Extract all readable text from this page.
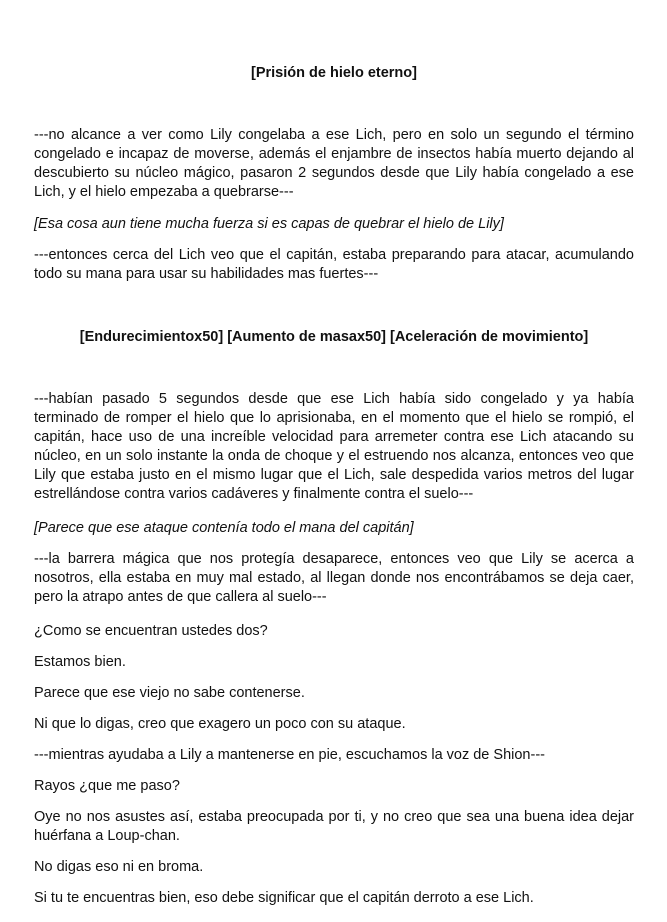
[Prisión de hielo eterno]

---no alcance a ver como Lily congelaba a ese Lich, pero en solo un segundo el término congelado e incapaz de moverse, además el enjambre de insectos había muerto dejando al descubierto su núcleo mágico, pasaron 2 segundos desde que Lily había congelado a ese Lich, y el hielo empezaba a quebrarse---

[Esa cosa aun tiene mucha fuerza si es capas de quebrar el hielo de Lily]

---entonces cerca del Lich veo que el capitán, estaba preparando para atacar, acumulando todo su mana para usar su habilidades mas fuertes---

[Endurecimientox50] [Aumento de masax50] [Aceleración de movimiento]

---habían pasado 5 segundos desde que ese Lich había sido congelado y ya había terminado de romper el hielo que lo aprisionaba, en el momento que el hielo se rompió, el capitán, hace uso de una increíble velocidad para arremeter contra ese Lich atacando su núcleo, en un solo instante la onda de choque y el estruendo nos alcanza, entonces veo que Lily que estaba justo en el mismo lugar que el Lich, sale despedida varios metros del lugar estrellándose contra varios cadáveres y finalmente contra el suelo---

[Parece que ese ataque contenía todo el mana del capitán]

---la barrera mágica que nos protegía desaparece, entonces veo que Lily se acerca a nosotros, ella estaba en muy mal estado, al llegan donde nos encontrábamos se deja caer, pero la atrapo antes de que callera al suelo---

¿Como se encuentran ustedes dos?
Estamos bien.
Parece que ese viejo no sabe contenerse.
Ni que lo digas, creo que exagero un poco con su ataque.
---mientras ayudaba a Lily a mantenerse en pie, escuchamos la voz de Shion---
Rayos ¿que me paso?

Oye no nos asustes así, estaba preocupada por ti, y no creo que sea una buena idea dejar huérfana a Loup-chan.

No digas eso ni en broma.
Si tu te encuentras bien, eso debe significar que el capitán derroto a ese Lich.
